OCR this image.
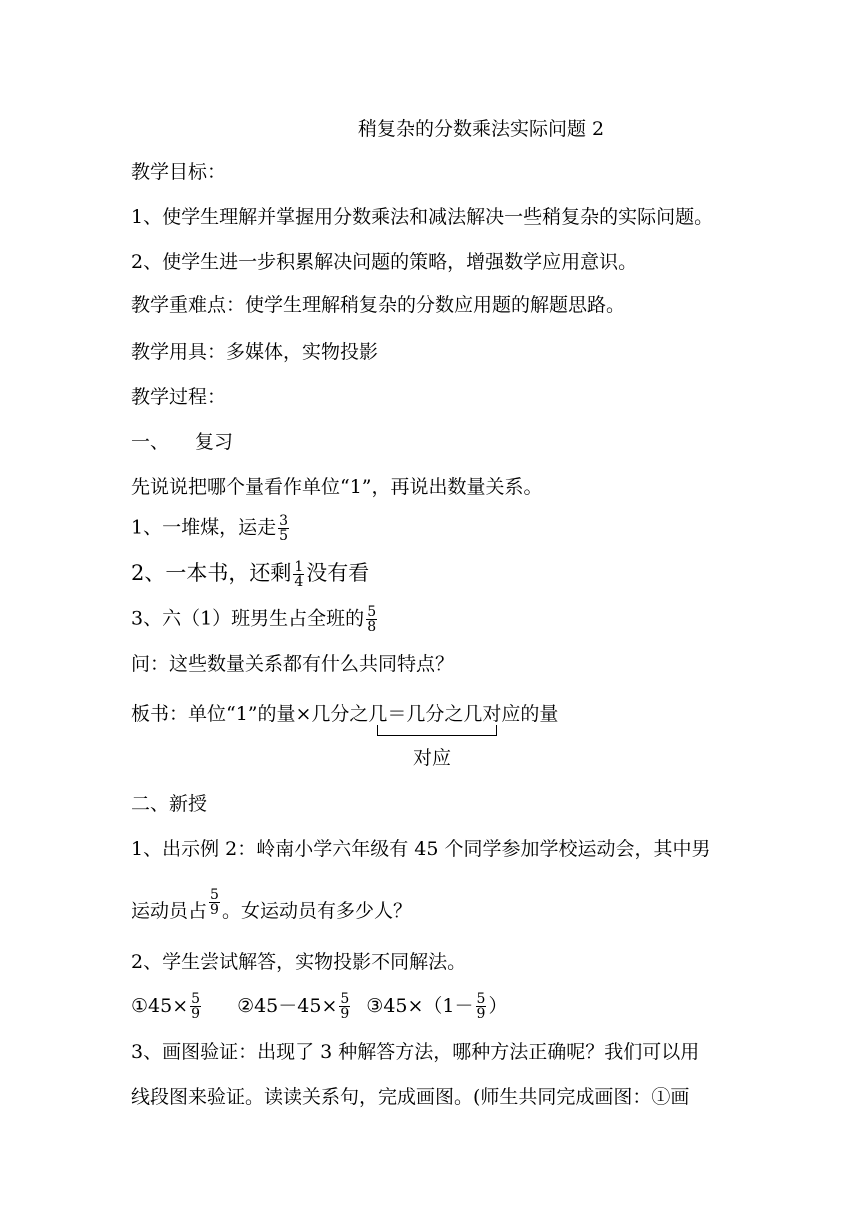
稍复杂的分数乘法实际问题 2
教学目标：
1、使学生理解并掌握用分数乘法和减法解决一些稍复杂的实际问题。
2、使学生进一步积累解决问题的策略，增强数学应用意识。
教学重难点：使学生理解稍复杂的分数应用题的解题思路。
教学用具：多媒体，实物投影
教学过程：
一、 复习
先说说把哪个量看作单位“1”，再说出数量关系。
1、一堆煤，运走 $\frac{3}{5}$
2、一本书，还剩 $\frac{1}{4}$ 没有看
3、六（1）班男生占全班的 $\frac{5}{8}$
问：这些数量关系都有什么共同特点？
板书：单位“1”的量×几分之几＝几分之几对应的量
对应
二、新授
1、出示例 2：岭南小学六年级有 45 个同学参加学校运动会，其中男
运动员占 $\frac{5}{9}$ 。女运动员有多少人？
2、学生尝试解答，实物投影不同解法。
①45× $\frac{5}{9}$ ②45－45× $\frac{5}{9}$ ③45×（1－ $\frac{5}{9}$ ）
3、画图验证：出现了 3 种解答方法，哪种方法正确呢？我们可以用
线段图来验证。读读关系句，完成画图。(师生共同完成画图：①画
